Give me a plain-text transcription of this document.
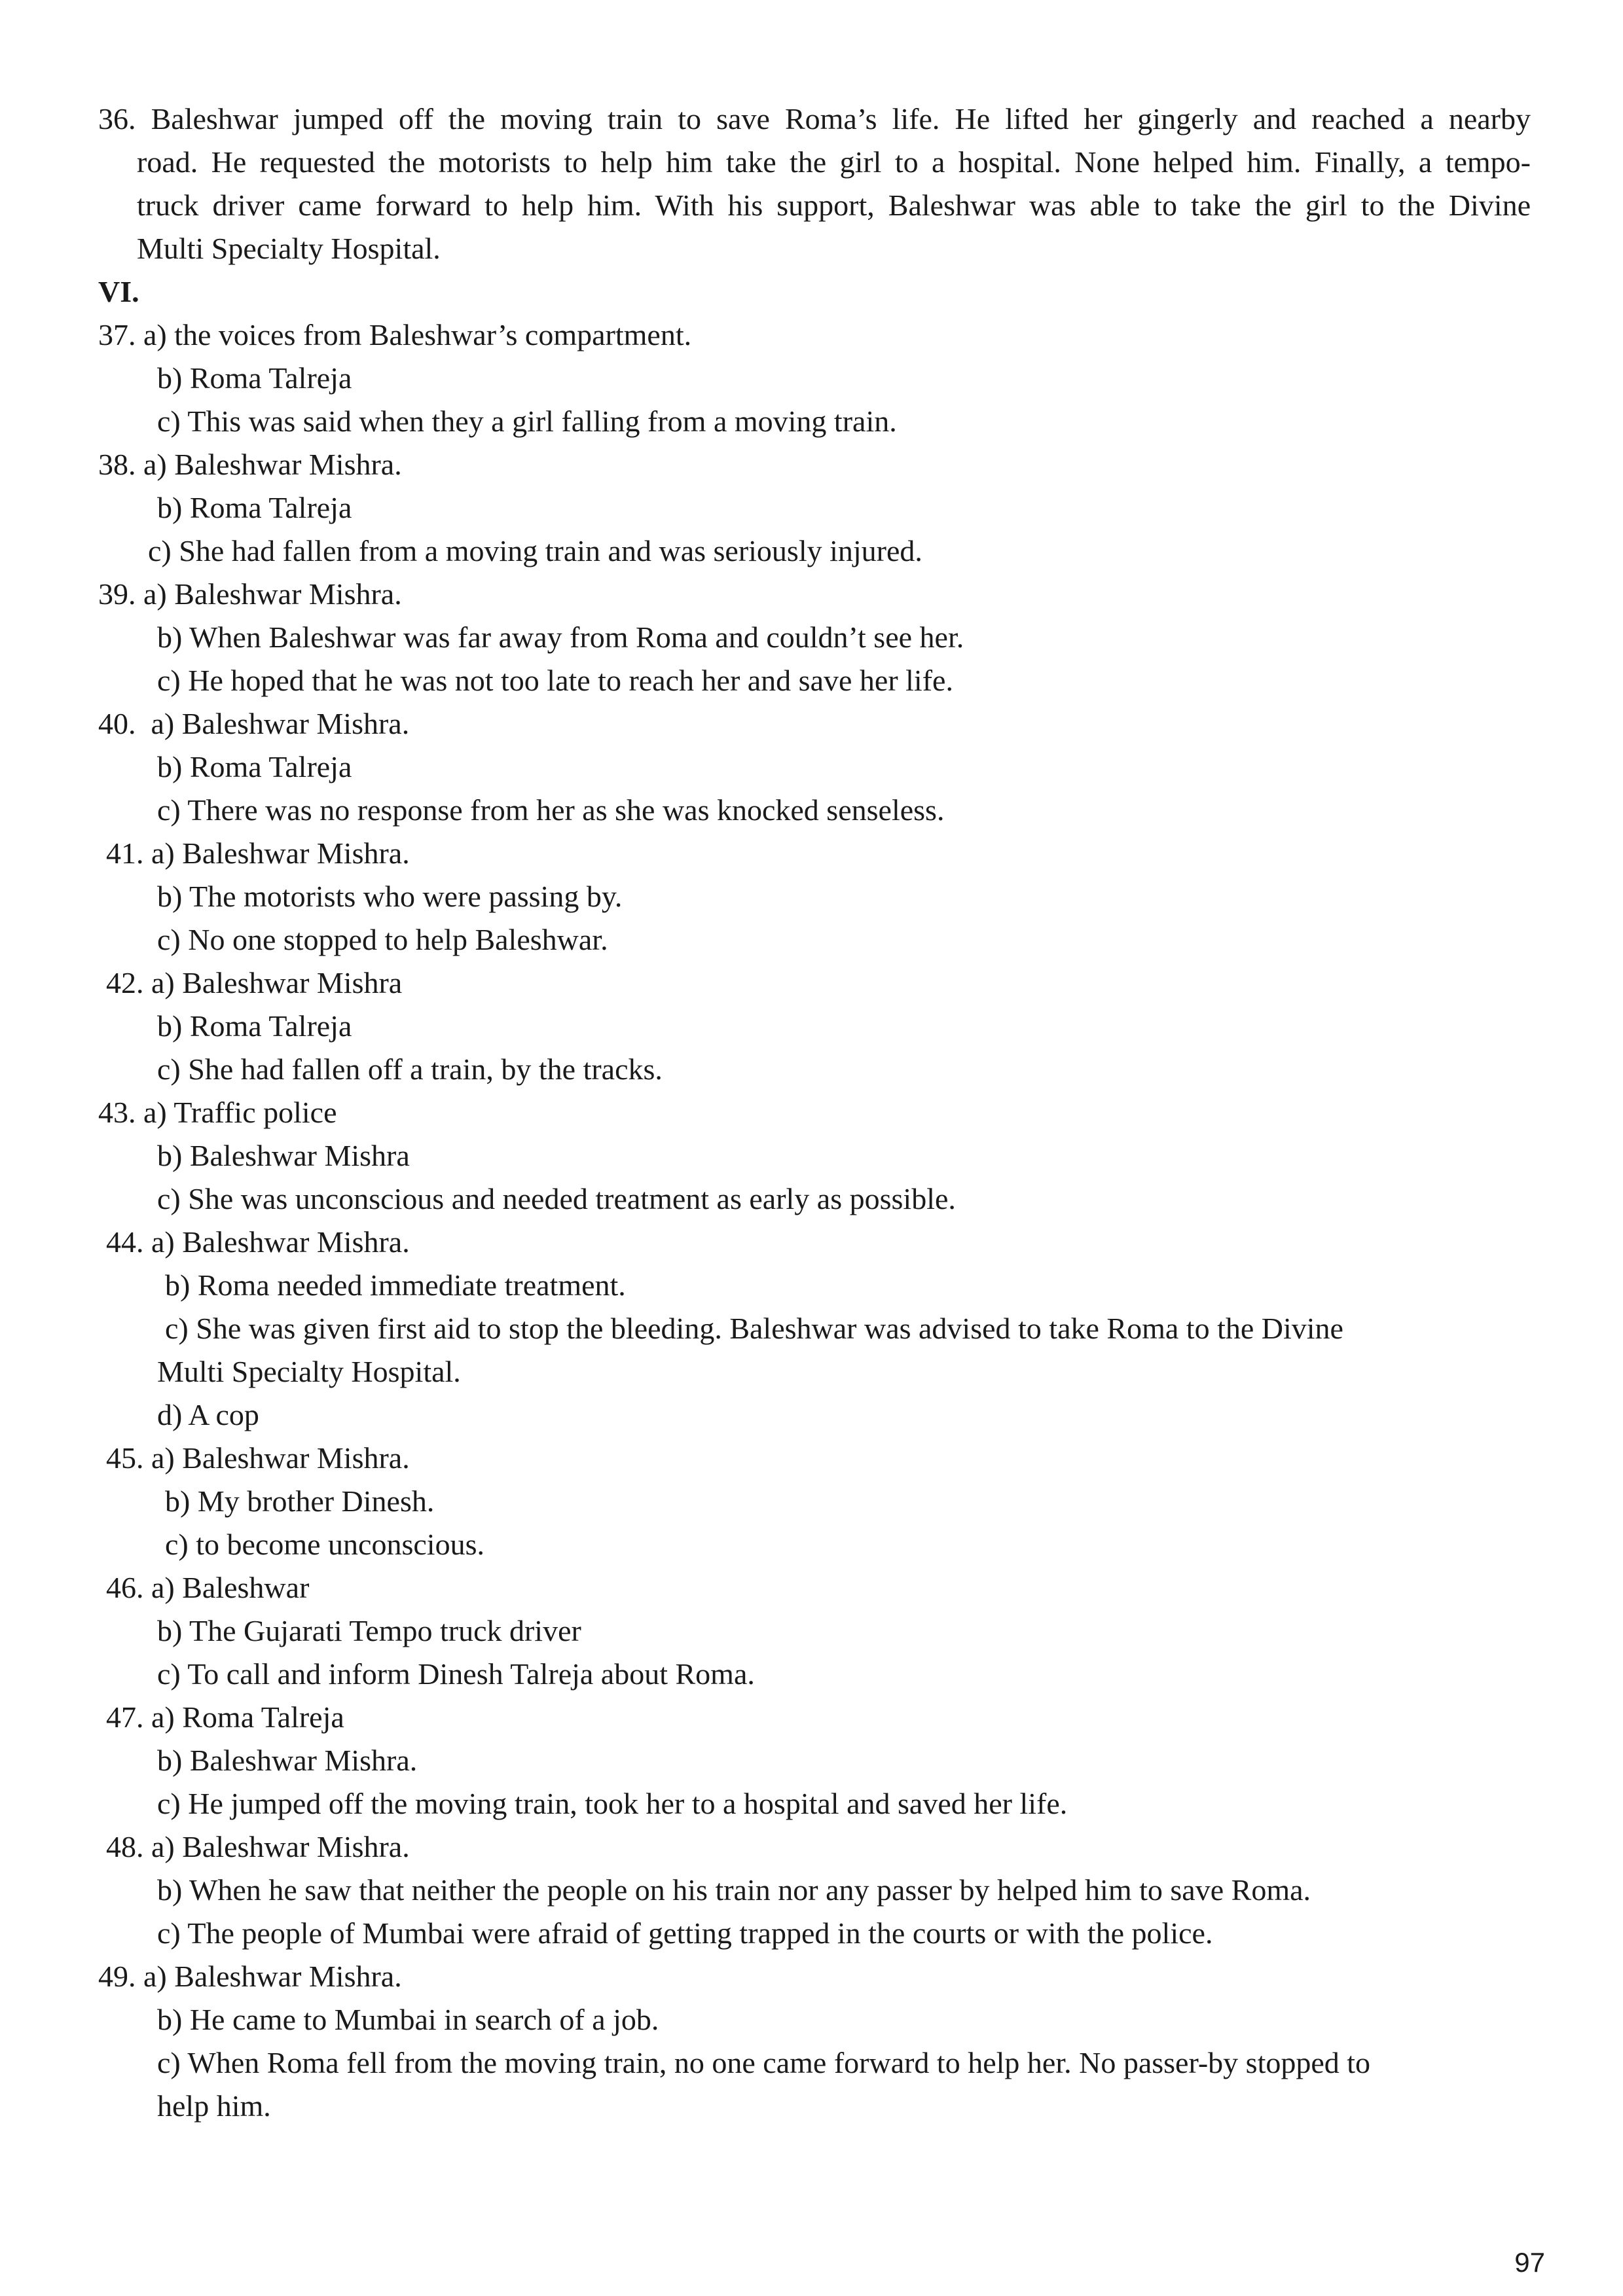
36. Baleshwar jumped off the moving train to save Roma’s life. He lifted her gingerly and reached a nearby
road. He requested the motorists to help him take the girl to a hospital. None helped him. Finally, a tempo-
truck driver came forward to help him. With his support, Baleshwar was able to take the girl to the Divine
Multi Specialty Hospital.
VI.
37. a) the voices from Baleshwar’s compartment.
b) Roma Talreja
c) This was said when they a girl falling from a moving train.
38. a) Baleshwar Mishra.
b) Roma Talreja
c) She had fallen from a moving train and was seriously injured.
39. a) Baleshwar Mishra.
b) When Baleshwar was far away from Roma and couldn’t see her.
c) He hoped that he was not too late to reach her and save her life.
40.  a) Baleshwar Mishra.
b) Roma Talreja
c) There was no response from her as she was knocked senseless.
41. a) Baleshwar Mishra.
b) The motorists who were passing by.
c) No one stopped to help Baleshwar.
42. a) Baleshwar Mishra
b) Roma Talreja
c) She had fallen off a train, by the tracks.
43. a) Traffic police
b) Baleshwar Mishra
c) She was unconscious and needed treatment as early as possible.
44. a) Baleshwar Mishra.
b) Roma needed immediate treatment.
c) She was given first aid to stop the bleeding. Baleshwar was advised to take Roma to the Divine
Multi Specialty Hospital.
d) A cop
45. a) Baleshwar Mishra.
b) My brother Dinesh.
c) to become unconscious.
46. a) Baleshwar
b) The Gujarati Tempo truck driver
c) To call and inform Dinesh Talreja about Roma.
47. a) Roma Talreja
b) Baleshwar Mishra.
c) He jumped off the moving train, took her to a hospital and saved her life.
48. a) Baleshwar Mishra.
b) When he saw that neither the people on his train nor any passer by helped him to save Roma.
c) The people of Mumbai were afraid of getting trapped in the courts or with the police.
49. a) Baleshwar Mishra.
b) He came to Mumbai in search of a job.
c) When Roma fell from the moving train, no one came forward to help her. No passer-by stopped to
help him.
97
